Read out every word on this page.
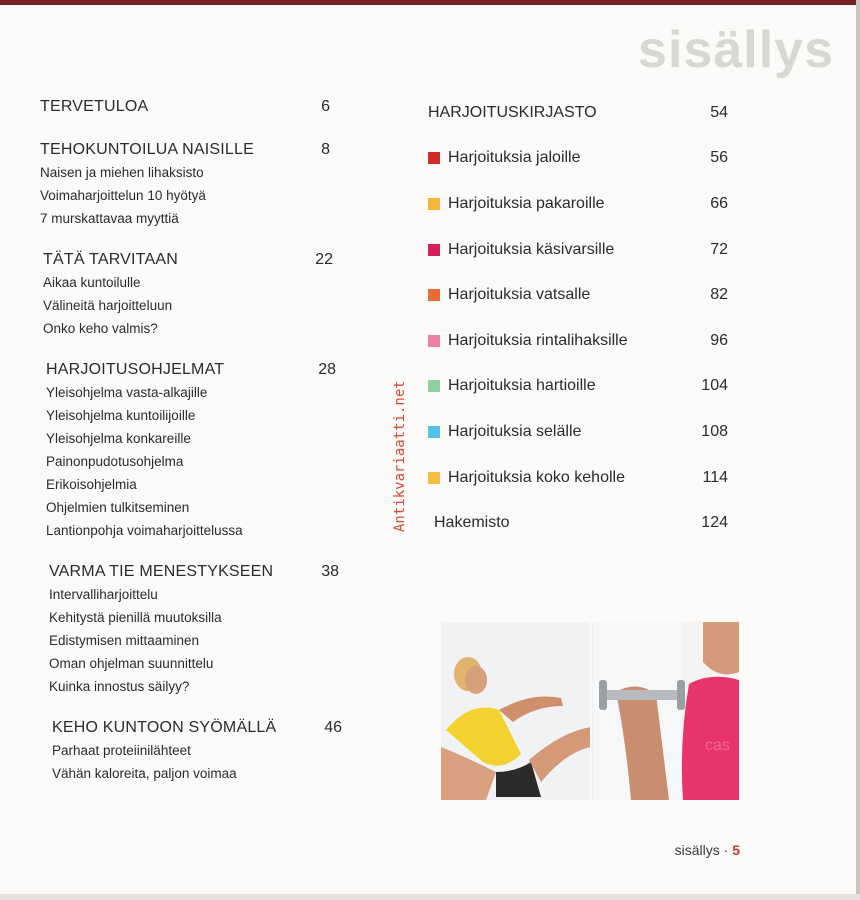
sisällys
TERVETULOA	6
TEHOKUNTOILUA NAISILLE	8
Naisen ja miehen lihaksisto
Voimaharjoittelun 10 hyötyä
7 murskattavaa myyttiä
TÄTÄ TARVITAAN	22
Aikaa kuntoilulle
Välineitä harjoitteluun
Onko keho valmis?
HARJOITUSOHJELMAT	28
Yleisohjelma vasta-alkajille
Yleisohjelma kuntoilijoille
Yleisohjelma konkareille
Painonpudotusohjelma
Erikoisohjelmia
Ohjelmien tulkitseminen
Lantionpohja voimaharjoittelussa
VARMA TIE MENESTYKSEEN	38
Intervalliharjoittelu
Kehitystä pienillä muutoksilla
Edistymisen mittaaminen
Oman ohjelman suunnittelu
Kuinka innostus säilyy?
KEHO KUNTOON SYÖMÄLLÄ	46
Parhaat proteiinilähteet
Vähän kaloreita, paljon voimaa
HARJOITUSKIRJASTO	54
Harjoituksia jaloille	56
Harjoituksia pakaroille	66
Harjoituksia käsivarsille	72
Harjoituksia vatsalle	82
Harjoituksia rintalihaksille	96
Harjoituksia hartioille	104
Harjoituksia selälle	108
Harjoituksia koko keholle	114
Hakemisto	124
Antikvariaatti.net
cas
sisällys · 5
